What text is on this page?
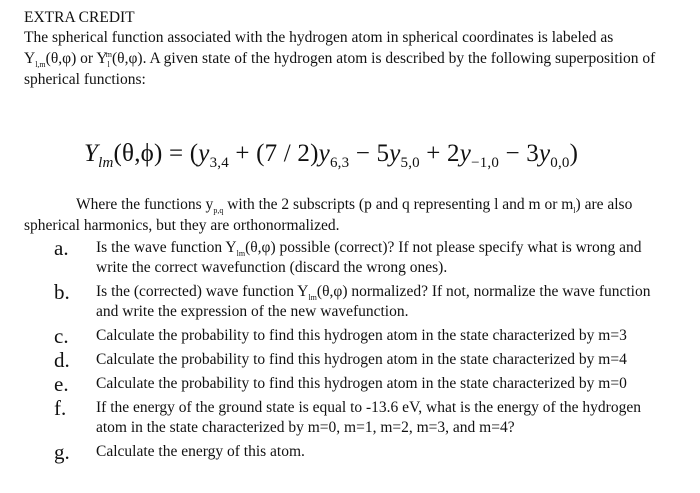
EXTRA CREDIT

The spherical function associated with the hydrogen atom in spherical coordinates is labeled as $Y_{l,m}(\theta,\varphi)$ or $Y_l^m(\theta,\varphi)$. A given state of the hydrogen atom is described by the following superposition of spherical functions:

$Y_{lm}(\theta,\phi) = (y_{3,4} + (7 / 2)y_{6,3} - 5y_{5,0} + 2y_{-1,0} - 3y_{0,0})$

Where the functions $y_{p,q}$ with the 2 subscripts (p and q representing l and m or $m_l$) are also spherical harmonics, but they are orthonormalized.

a.	Is the wave function $Y_{lm}(\theta,\varphi)$ possible (correct)? If not please specify what is wrong and
write the correct wavefunction (discard the wrong ones).
b.	Is the (corrected) wave function $Y_{lm}(\theta,\varphi)$ normalized? If not, normalize the wave function
and write the expression of the new wavefunction.
c.	Calculate the probability to find this hydrogen atom in the state characterized by m=3
d.	Calculate the probability to find this hydrogen atom in the state characterized by m=4
e.	Calculate the probability to find this hydrogen atom in the state characterized by m=0
f.	If the energy of the ground state is equal to -13.6 eV, what is the energy of the hydrogen
atom in the state characterized by m=0, m=1, m=2, m=3, and m=4?
g.	Calculate the energy of this atom.
